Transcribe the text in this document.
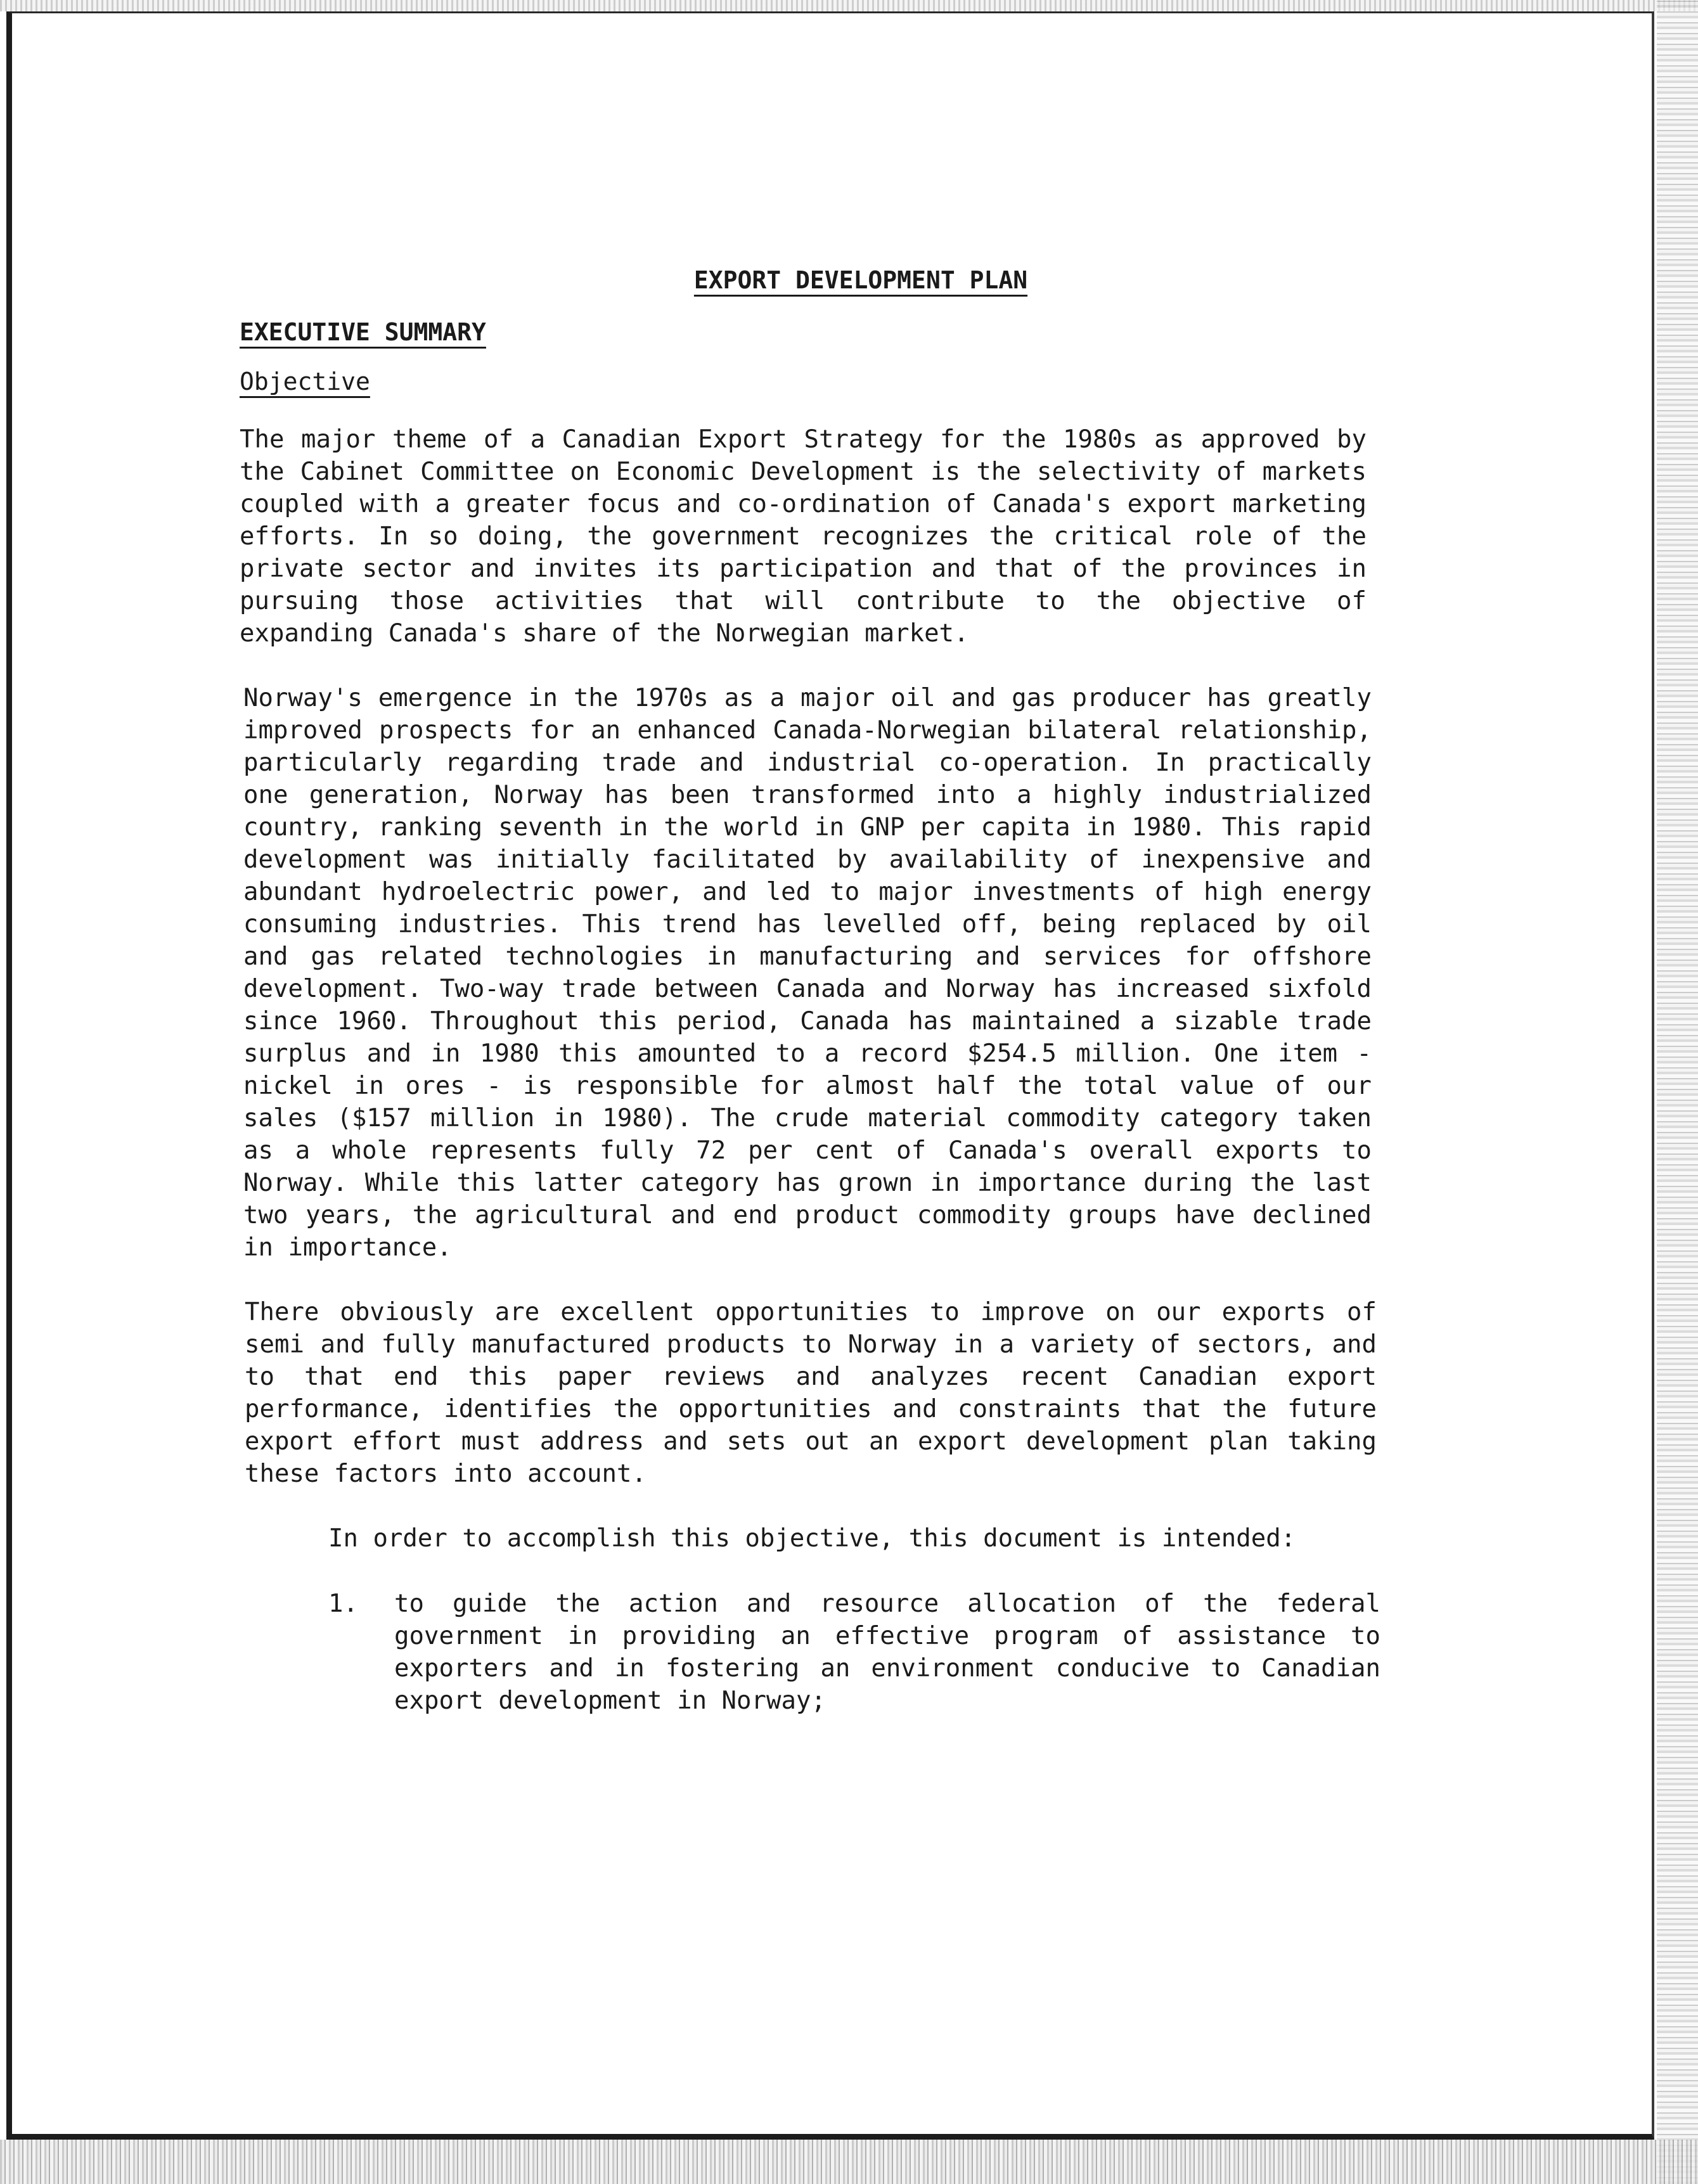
EXPORT DEVELOPMENT PLAN
EXECUTIVE SUMMARY
Objective

The major theme of a Canadian Export Strategy for the 1980s as approved by the Cabinet Committee on Economic Development is the selectivity of markets coupled with a greater focus and co-ordination of Canada's export marketing efforts. In so doing, the government recognizes the critical role of the private sector and invites its participation and that of the provinces in pursuing those activities that will contribute to the objective of expanding Canada's share of the Norwegian market.

Norway's emergence in the 1970s as a major oil and gas producer has greatly improved prospects for an enhanced Canada-Norwegian bilateral relationship, particularly regarding trade and industrial co-operation. In practically one generation, Norway has been transformed into a highly industrialized country, ranking seventh in the world in GNP per capita in 1980. This rapid development was initially facilitated by availability of inexpensive and abundant hydroelectric power, and led to major investments of high energy consuming industries. This trend has levelled off, being replaced by oil and gas related technologies in manufacturing and services for offshore development. Two-way trade between Canada and Norway has increased sixfold since 1960. Throughout this period, Canada has maintained a sizable trade surplus and in 1980 this amounted to a record $254.5 million. One item - nickel in ores - is responsible for almost half the total value of our sales ($157 million in 1980). The crude material commodity category taken as a whole represents fully 72 per cent of Canada's overall exports to Norway. While this latter category has grown in importance during the last two years, the agricultural and end product commodity groups have declined in importance.

There obviously are excellent opportunities to improve on our exports of semi and fully manufactured products to Norway in a variety of sectors, and to that end this paper reviews and analyzes recent Canadian export performance, identifies the opportunities and constraints that the future export effort must address and sets out an export development plan taking these factors into account.

In order to accomplish this objective, this document is intended:

1.	to guide the action and resource allocation of the federal government in providing an effective program of assistance to exporters and in fostering an environment conducive to Canadian export development in Norway;
